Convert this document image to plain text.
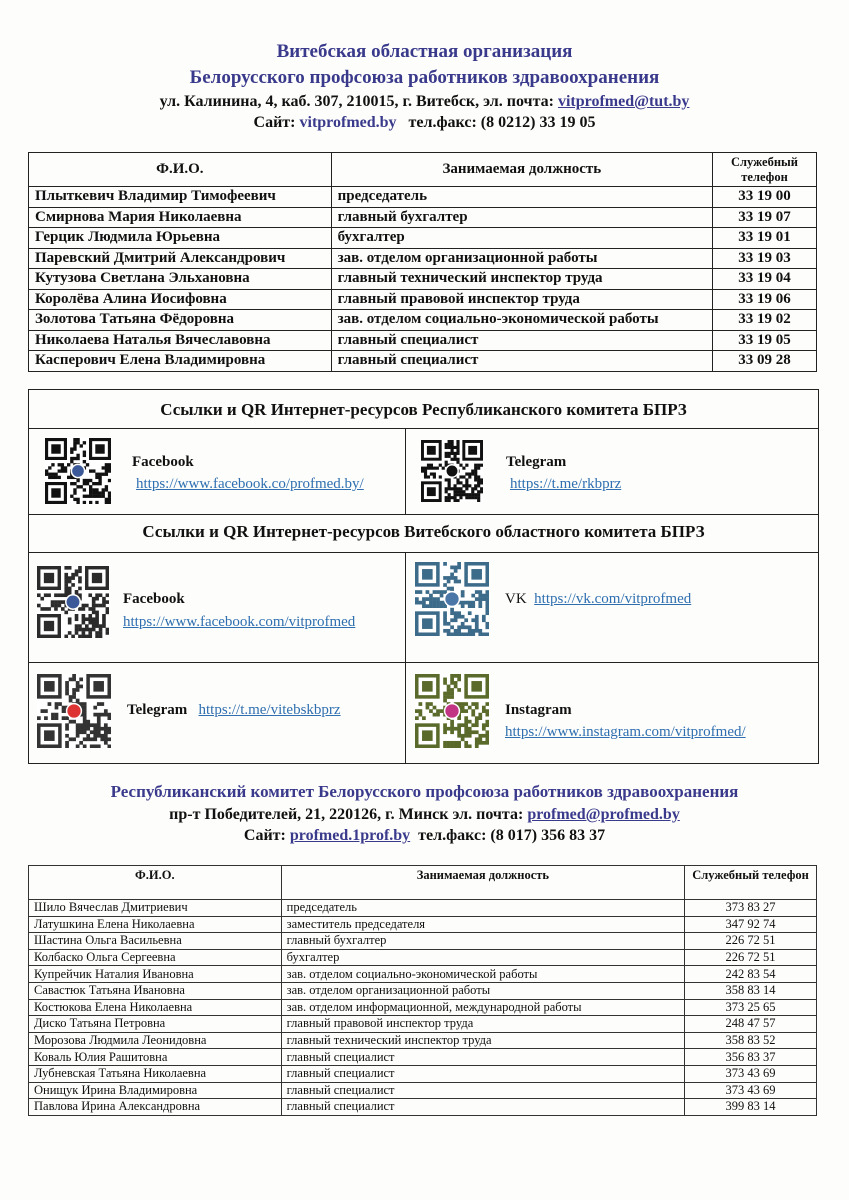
Витебская областная организация
Белорусского профсоюза работников здравоохранения
ул. Калинина, 4, каб. 307, 210015, г. Витебск, эл. почта: vitprofmed@tut.by
Сайт: vitprofmed.by тел.факс: (8 0212) 33 19 05
Ф.И.О.	Занимаемая должность	Служебный телефон
Плыткевич Владимир Тимофеевич	председатель	33 19 00
Смирнова Мария Николаевна	главный бухгалтер	33 19 07
Герцик Людмила Юрьевна	бухгалтер	33 19 01
Паревский Дмитрий Александрович	зав. отделом организационной работы	33 19 03
Кутузова Светлана Эльхановна	главный технический инспектор труда	33 19 04
Королёва Алина Иосифовна	главный правовой инспектор труда	33 19 06
Золотова Татьяна Фёдоровна	зав. отделом социально-экономической работы	33 19 02
Николаева Наталья Вячеславовна	главный специалист	33 19 05
Касперович Елена Владимировна	главный специалист	33 09 28
Ссылки и QR Интернет-ресурсов Республиканского комитета БПРЗ
Facebook
https://www.facebook.co/profmed.by/
Telegram
https://t.me/rkbprz
Ссылки и QR Интернет-ресурсов Витебского областного комитета БПРЗ
Facebook
https://www.facebook.com/vitprofmed
VK https://vk.com/vitprofmed
Telegram https://t.me/vitebskbprz	Instagram
https://www.instagram.com/vitprofmed/
Республиканский комитет Белорусского профсоюза работников здравоохранения
пр-т Победителей, 21, 220126, г. Минск эл. почта: profmed@profmed.by
Сайт: profmed.1prof.by тел.факс: (8 017) 356 83 37
Ф.И.О.	Занимаемая должность	Служебный телефон
Шило Вячеслав Дмитриевич	председатель	373 83 27
Латушкина Елена Николаевна	заместитель председателя	347 92 74
Шастина Ольга Васильевна	главный бухгалтер	226 72 51
Колбаско Ольга Сергеевна	бухгалтер	226 72 51
Купрейчик Наталия Ивановна	зав. отделом социально-экономической работы	242 83 54
Савастюк Татьяна Ивановна	зав. отделом организационной работы	358 83 14
Костюкова Елена Николаевна	зав. отделом информационной, международной работы	373 25 65
Диско Татьяна Петровна	главный правовой инспектор труда	248 47 57
Морозова Людмила Леонидовна	главный технический инспектор труда	358 83 52
Коваль Юлия Рашитовна	главный специалист	356 83 37
Лубневская Татьяна Николаевна	главный специалист	373 43 69
Онищук Ирина Владимировна	главный специалист	373 43 69
Павлова Ирина Александровна	главный специалист	399 83 14
